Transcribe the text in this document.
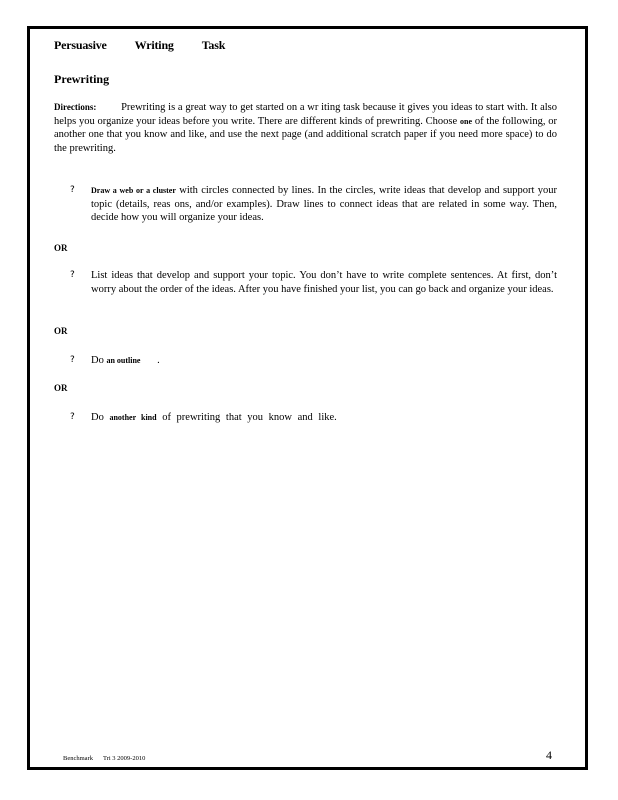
Persuasive Writing Task
Prewriting
Directions: Prewriting is a great way to get started on a wr iting task because it gives you ideas to start with. It also helps you organize your ideas before you write. There are different kinds of prewriting. Choose one of the following, or another one that you know and like, and use the next page (and additional scratch paper if you need more space) to do the prewriting.
?	Draw a web or a cluster with circles connected by lines. In the circles, write ideas that develop and support your topic (details, reas ons, and/or examples). Draw lines to connect ideas that are related in some way. Then, decide how you will organize your ideas.
OR
?	List ideas that develop and support your topic. You don’t have to write complete sentences. At first, don’t worry about the order of the ideas. After you have finished your list, you can go back and organize your ideas.
OR
?	Do an outline .
OR
?	Do another kind of prewriting that you know and like.
Benchmark Tri 3 2009-2010	4
